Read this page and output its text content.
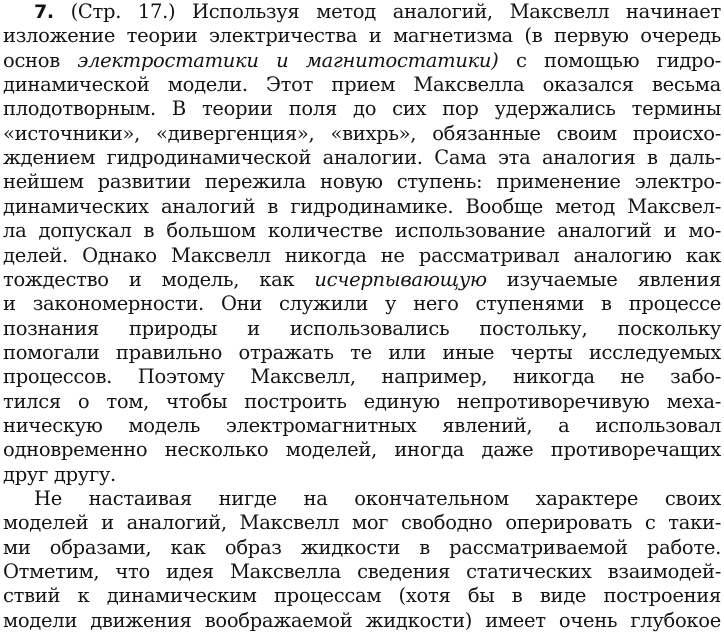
7. (Стр. 17.) Используя метод аналогий, Максвелл начинает
изложение теории электричества и магнетизма (в первую очередь
основ электростатики и магнитостатики) с помощью гидро-
динамической модели. Этот прием Максвелла оказался весьма
плодотворным. В теории поля до сих пор удержались термины
«источники», «дивергенция», «вихрь», обязанные своим происхо-
ждением гидродинамической аналогии. Сама эта аналогия в даль-
нейшем развитии пережила новую ступень: применение электро-
динамических аналогий в гидродинамике. Вообще метод Максвел-
ла допускал в большом количестве использование аналогий и мо-
делей. Однако Максвелл никогда не рассматривал аналогию как
тождество и модель, как исчерпывающую изучаемые явления
и закономерности. Они служили у него ступенями в процессе
познания природы и использовались постольку, поскольку
помогали правильно отражать те или иные черты исследуемых
процессов. Поэтому Максвелл, например, никогда не забо-
тился о том, чтобы построить единую непротиворечивую меха-
ническую модель электромагнитных явлений, а использовал
одновременно несколько моделей, иногда даже противоречащих
друг другу.
Не настаивая нигде на окончательном характере своих
моделей и аналогий, Максвелл мог свободно оперировать с таки-
ми образами, как образ жидкости в рассматриваемой работе.
Отметим, что идея Максвелла сведения статических взаимодей-
ствий к динамическим процессам (хотя бы в виде построения
модели движения воображаемой жидкости) имеет очень глубокое
